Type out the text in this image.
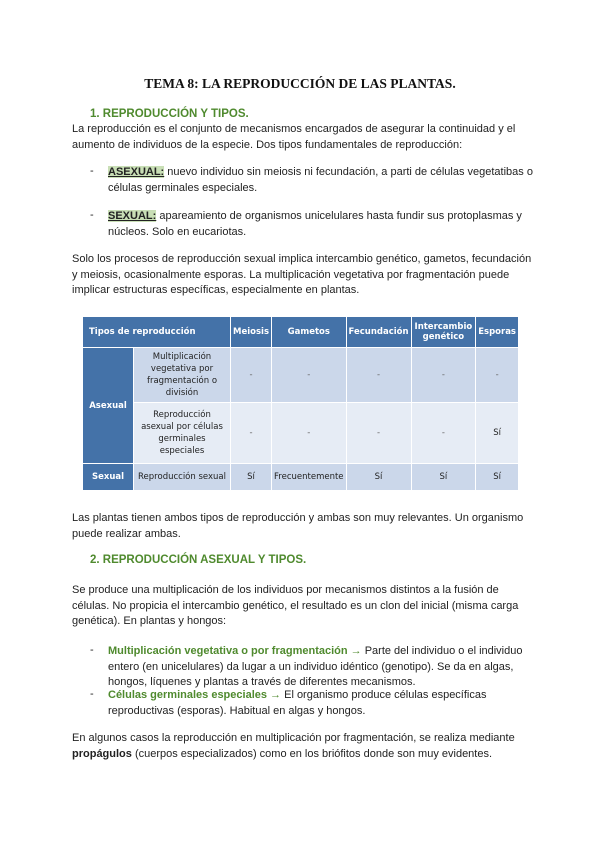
TEMA 8: LA REPRODUCCIÓN DE LAS PLANTAS.
1. REPRODUCCIÓN Y TIPOS.
La reproducción es el conjunto de mecanismos encargados de asegurar la continuidad y el aumento de individuos de la especie. Dos tipos fundamentales de reproducción:
- ASEXUAL: nuevo individuo sin meiosis ni fecundación, a parti de células vegetatibas o células germinales especiales.
- SEXUAL: apareamiento de organismos unicelulares hasta fundir sus protoplasmas y núcleos. Solo en eucariotas.
Solo los procesos de reproducción sexual implica intercambio genético, gametos, fecundación y meiosis, ocasionalmente esporas. La multiplicación vegetativa por fragmentación puede implicar estructuras específicas, especialmente en plantas.
Tipos de reproducción		Meiosis	Gametos	Fecundación	Intercambio genético	Esporas
Asexual	Multiplicación vegetativa por fragmentación o división	-	-	-	-	-
	Reproducción asexual por células germinales especiales	-	-	-	-	Sí
Sexual	Reproducción sexual	Sí	Frecuentemente	Sí	Sí	Sí
Las plantas tienen ambos tipos de reproducción y ambas son muy relevantes. Un organismo puede realizar ambas.
2. REPRODUCCIÓN ASEXUAL Y TIPOS.
Se produce una multiplicación de los individuos por mecanismos distintos a la fusión de células. No propicia el intercambio genético, el resultado es un clon del inicial (misma carga genética). En plantas y hongos:
- Multiplicación vegetativa o por fragmentación → Parte del individuo o el individuo entero (en unicelulares) da lugar a un individuo idéntico (genotipo). Se da en algas, hongos, líquenes y plantas a través de diferentes mecanismos.
- Células germinales especiales → El organismo produce células específicas reproductivas (esporas). Habitual en algas y hongos.
En algunos casos la reproducción en multiplicación por fragmentación, se realiza mediante propágulos (cuerpos especializados) como en los briófitos donde son muy evidentes.
